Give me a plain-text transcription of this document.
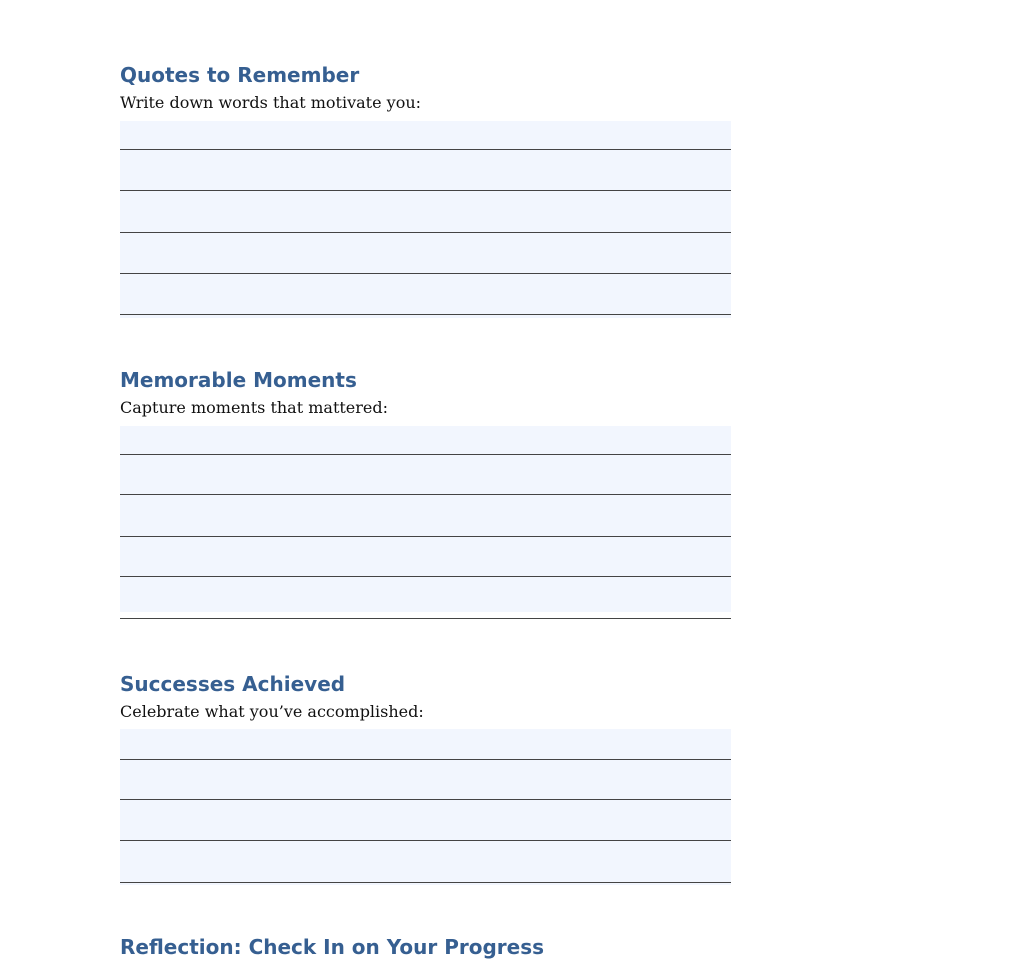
Quotes to Remember

Write down words that motivate you:

Memorable Moments

Capture moments that mattered:

Successes Achieved

Celebrate what you’ve accomplished:

Reflection: Check In on Your Progress
